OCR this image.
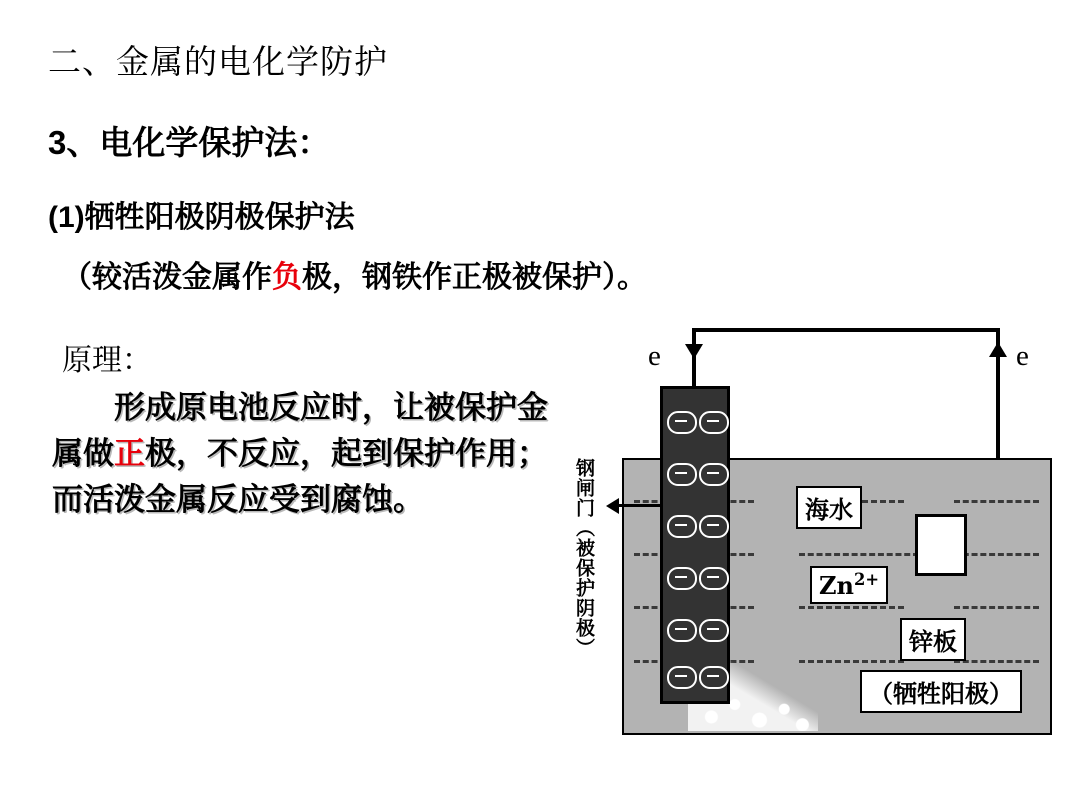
二、金属的电化学防护
3、电化学保护法：
(1)牺牲阳极阴极保护法
（较活泼金属作负极，钢铁作正极被保护）。
原理：
形成原电池反应时，让被保护金属做正极，不反应，起到保护作用；而活泼金属反应受到腐蚀。
e	e
海水
$Zn^{2+}$
锌板
（牺牲阳极）
钢闸门（被保护阴极）
